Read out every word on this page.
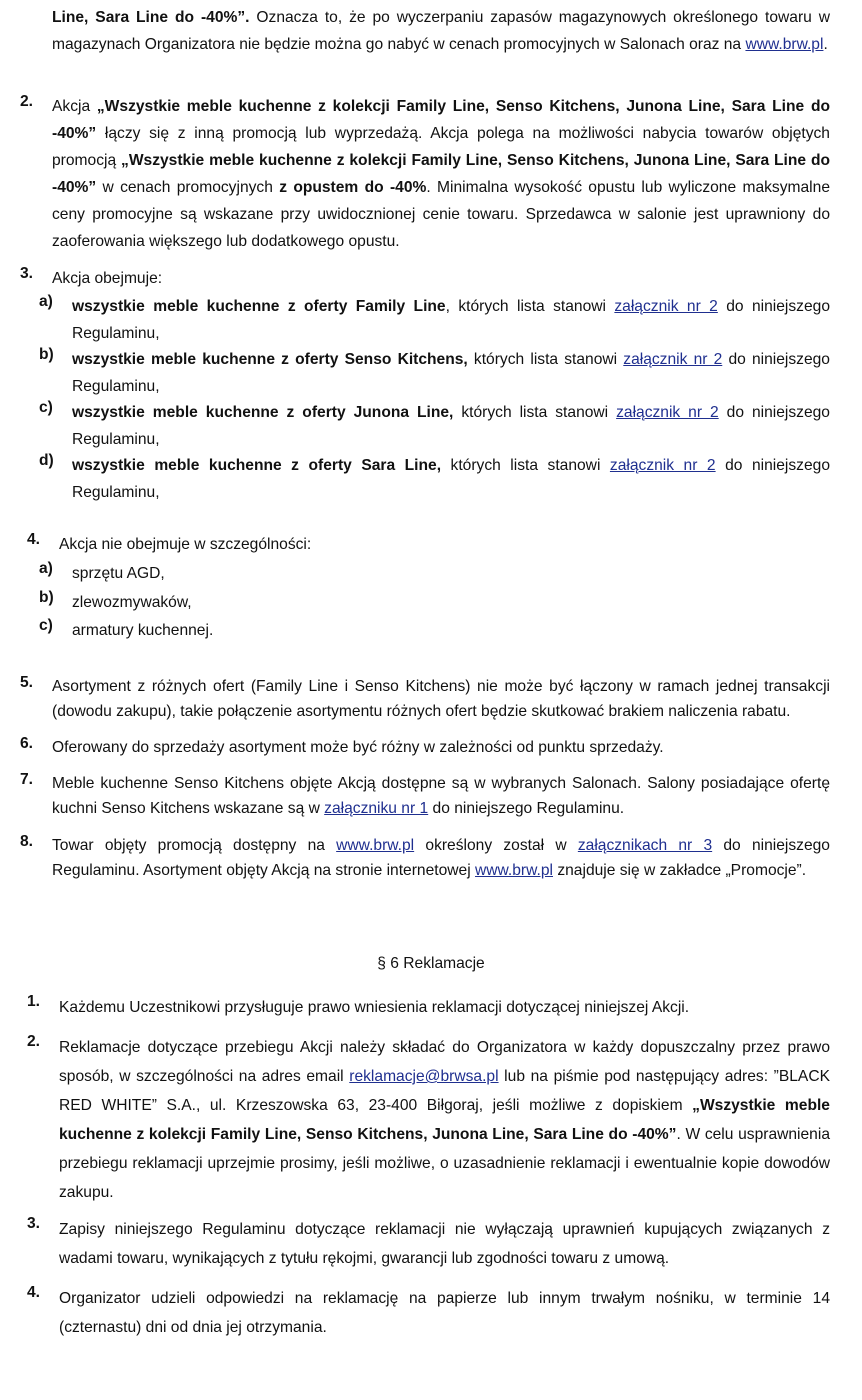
Line, Sara Line do -40%”. Oznacza to, że po wyczerpaniu zapasów magazynowych określonego towaru w magazynach Organizatora nie będzie można go nabyć w cenach promocyjnych w Salonach oraz na www.brw.pl.
2. Akcja „Wszystkie meble kuchenne z kolekcji Family Line, Senso Kitchens, Junona Line, Sara Line do -40%” łączy się z inną promocją lub wyprzedażą. Akcja polega na możliwości nabycia towarów objętych promocją „Wszystkie meble kuchenne z kolekcji Family Line, Senso Kitchens, Junona Line, Sara Line do -40%” w cenach promocyjnych z opustem do -40%. Minimalna wysokość opustu lub wyliczone maksymalne ceny promocyjne są wskazane przy uwidocznionej cenie towaru. Sprzedawca w salonie jest uprawniony do zaoferowania większego lub dodatkowego opustu.
3. Akcja obejmuje:
a) wszystkie meble kuchenne z oferty Family Line, których lista stanowi załącznik nr 2 do niniejszego Regulaminu,
b) wszystkie meble kuchenne z oferty Senso Kitchens, których lista stanowi załącznik nr 2 do niniejszego Regulaminu,
c) wszystkie meble kuchenne z oferty Junona Line, których lista stanowi załącznik nr 2 do niniejszego Regulaminu,
d) wszystkie meble kuchenne z oferty Sara Line, których lista stanowi załącznik nr 2 do niniejszego Regulaminu,
4. Akcja nie obejmuje w szczególności:
a) sprzętu AGD,
b) zlewozmywaków,
c) armatury kuchennej.
5. Asortyment z różnych ofert (Family Line i Senso Kitchens) nie może być łączony w ramach jednej transakcji (dowodu zakupu), takie połączenie asortymentu różnych ofert będzie skutkować brakiem naliczenia rabatu.
6. Oferowany do sprzedaży asortyment może być różny w zależności od punktu sprzedaży.
7. Meble kuchenne Senso Kitchens objęte Akcją dostępne są w wybranych Salonach. Salony posiadające ofertę kuchni Senso Kitchens wskazane są w załączniku nr 1 do niniejszego Regulaminu.
8. Towar objęty promocją dostępny na www.brw.pl określony został w załącznikach nr 3 do niniejszego Regulaminu. Asortyment objęty Akcją na stronie internetowej www.brw.pl znajduje się w zakładce „Promocje”.
§ 6 Reklamacje
1. Każdemu Uczestnikowi przysługuje prawo wniesienia reklamacji dotyczącej niniejszej Akcji.
2. Reklamacje dotyczące przebiegu Akcji należy składać do Organizatora w każdy dopuszczalny przez prawo sposób, w szczególności na adres email reklamacje@brwsa.pl lub na piśmie pod następujący adres: ”BLACK RED WHITE” S.A., ul. Krzeszowska 63, 23-400 Biłgoraj, jeśli możliwe z dopiskiem „Wszystkie meble kuchenne z kolekcji Family Line, Senso Kitchens, Junona Line, Sara Line do -40%”. W celu usprawnienia przebiegu reklamacji uprzejmie prosimy, jeśli możliwe, o uzasadnienie reklamacji i ewentualnie kopie dowodów zakupu.
3. Zapisy niniejszego Regulaminu dotyczące reklamacji nie wyłączają uprawnień kupujących związanych z wadami towaru, wynikających z tytułu rękojmi, gwarancji lub zgodności towaru z umową.
4. Organizator udzieli odpowiedzi na reklamację na papierze lub innym trwałym nośniku, w terminie 14 (czternastu) dni od dnia jej otrzymania.
